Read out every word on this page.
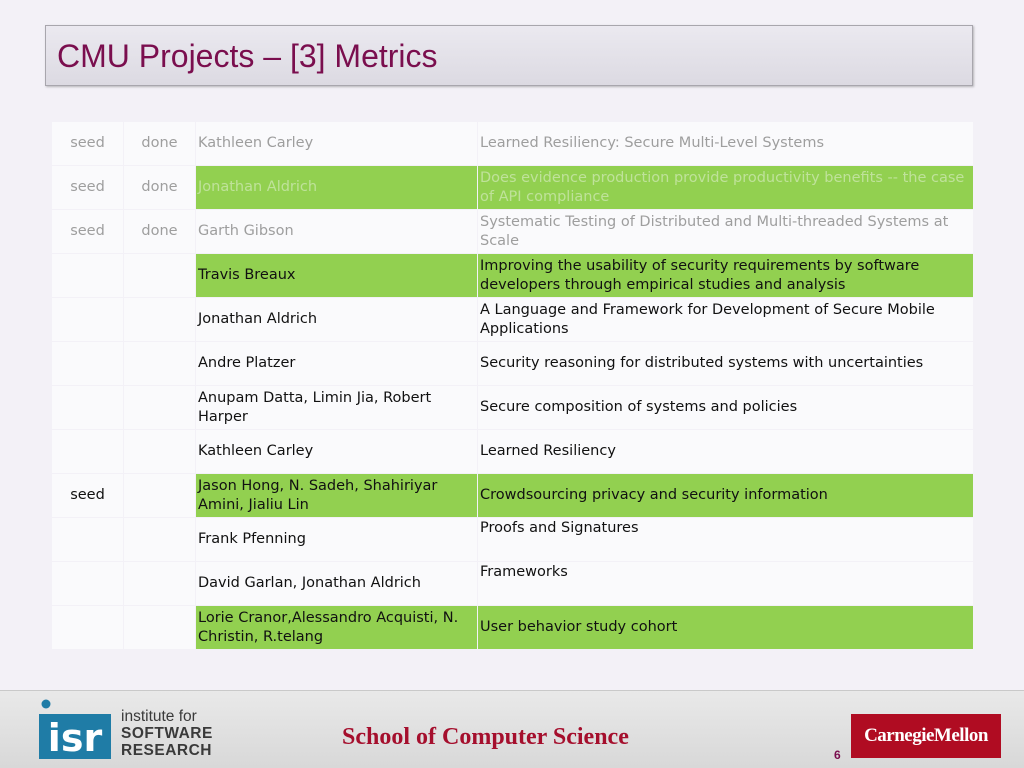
CMU Projects – [3] Metrics
seed	done	Kathleen Carley	Learned Resiliency: Secure Multi-Level Systems
seed	done	Jonathan Aldrich	Does evidence production provide productivity benefits -- the case of API compliance
seed	done	Garth Gibson	Systematic Testing of Distributed and Multi-threaded Systems at Scale
		Travis Breaux	Improving the usability of security requirements by software developers through empirical studies and analysis
		Jonathan Aldrich	A Language and Framework for Development of Secure Mobile Applications
		Andre Platzer	Security reasoning for distributed systems with uncertainties
		Anupam Datta, Limin Jia, Robert Harper	Secure composition of systems and policies
		Kathleen Carley	Learned Resiliency
seed		Jason Hong, N. Sadeh, Shahiriyar Amini, Jialiu Lin	Crowdsourcing privacy and security information
		Frank Pfenning	Proofs and Signatures
		David Garlan, Jonathan Aldrich	Frameworks
		Lorie Cranor,Alessandro Acquisti, N. Christin, R.telang	User behavior study cohort
isr institute for
SOFTWARE
RESEARCH
School of Computer Science	CarnegieMellon
6
